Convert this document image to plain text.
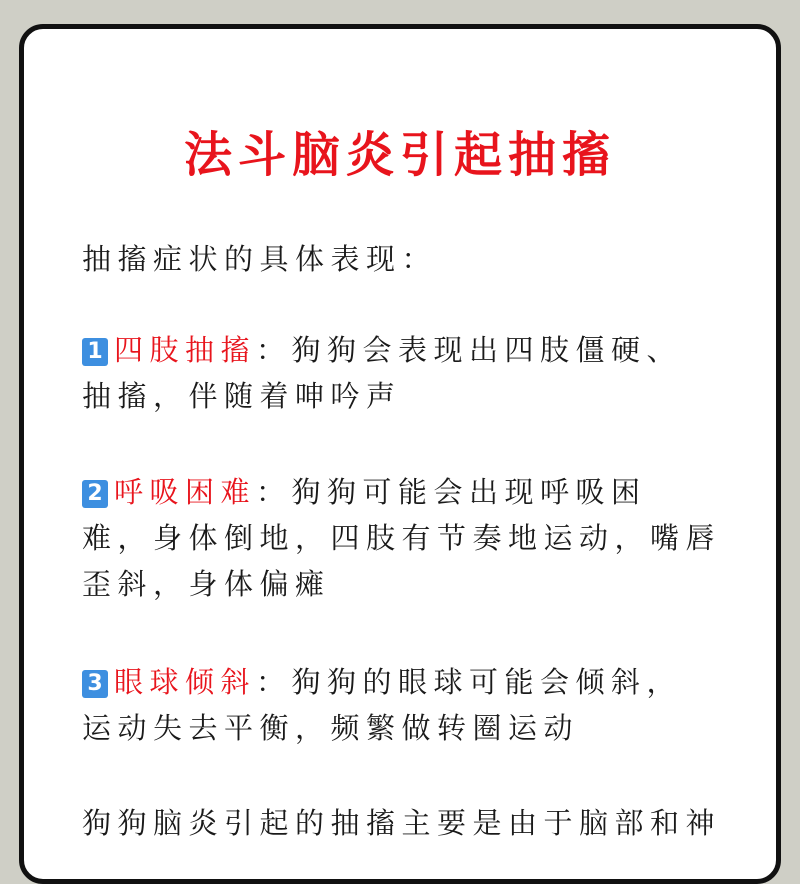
法斗脑炎引起抽搐
抽搐症状的具体表现：
1 四肢抽搐：狗狗会表现出四肢僵硬、
抽搐，伴随着呻吟声
2 呼吸困难：狗狗可能会出现呼吸困
难，身体倒地，四肢有节奏地运动，嘴唇
歪斜，身体偏瘫
3 眼球倾斜：狗狗的眼球可能会倾斜，
运动失去平衡，频繁做转圈运动
狗狗脑炎引起的抽搐主要是由于脑部和神
